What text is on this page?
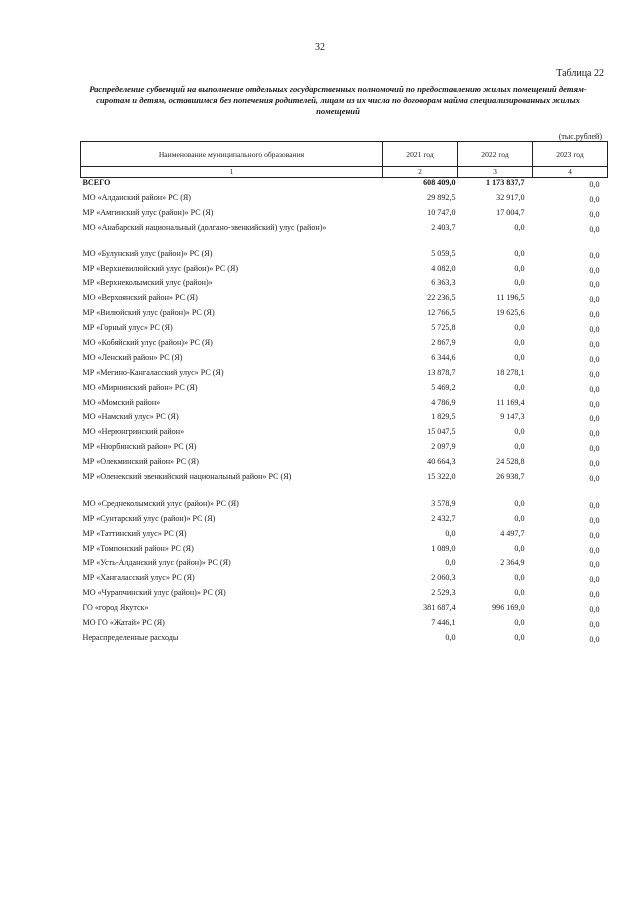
32
Таблица 22
Распределение субвенций на выполнение отдельных государственных полномочий по предоставлению жилых помещений детям-сиротам и детям, оставшимся без попечения родителей, лицам из их числа по договорам найма специализированных жилых помещений
(тыс.рублей)
Наименование муниципального образования	2021 год	2022 год	2023 год
1	2	3	4
ВСЕГО	608 409,0	1 173 837,7	0,0
МО «Алданский район» РС (Я)	29 892,5	32 917,0	0,0
МР «Амгинский улус (район)» РС (Я)	10 747,0	17 004,7	0,0
МО «Анабарский национальный (долгано-эвенкийский) улус (район)»	2 403,7	0,0	0,0
МО «Булунский улус (район)» РС (Я)	5 059,5	0,0	0,0
МР «Верхневилюйский улус (район)» РС (Я)	4 082,0	0,0	0,0
МР «Верхнеколымский улус (район)»	6 363,3	0,0	0,0
МО «Верхоянский район» РС (Я)	22 236,5	11 196,5	0,0
МР «Вилюйский улус (район)» РС (Я)	12 766,5	19 625,6	0,0
МР «Горный улус» РС (Я)	5 725,8	0,0	0,0
МО «Кобяйский улус (район)» РС (Я)	2 867,9	0,0	0,0
МО «Ленский район» РС (Я)	6 344,6	0,0	0,0
МР «Мегино-Кангаласский улус» РС (Я)	13 878,7	18 278,1	0,0
МО «Мирнинский район» РС (Я)	5 469,2	0,0	0,0
МО «Момский район»	4 786,9	11 169,4	0,0
МО «Намский улус» РС (Я)	1 829,5	9 147,3	0,0
МО «Нерюнгринский район»	15 047,5	0,0	0,0
МР «Нюрбинский район» РС (Я)	2 097,9	0,0	0,0
МР «Олекминский район» РС (Я)	40 664,3	24 528,8	0,0
МР «Оленекский эвенкийский национальный район» РС (Я)	15 322,0	26 938,7	0,0

МО «Среднеколымский улус (район)» РС (Я)	3 578,9	0,0	0,0
МР «Сунтарский улус (район)» РС (Я)	2 432,7	0,0	0,0
МР «Таттинский улус» РС (Я)	0,0	4 497,7	0,0
МР «Томпонский район» РС (Я)	1 089,0	0,0	0,0
МР «Усть-Алданский улус (район)» РС (Я)	0,0	2 364,9	0,0
МР «Хангаласский улус» РС (Я)	2 060,3	0,0	0,0
МО «Чурапчинский улус (район)» РС (Я)	2 529,3	0,0	0,0
ГО «город Якутск»	381 687,4	996 169,0	0,0
МО ГО «Жатай» РС (Я)	7 446,1	0,0	0,0
Нераспределенные расходы	0,0	0,0	0,0
